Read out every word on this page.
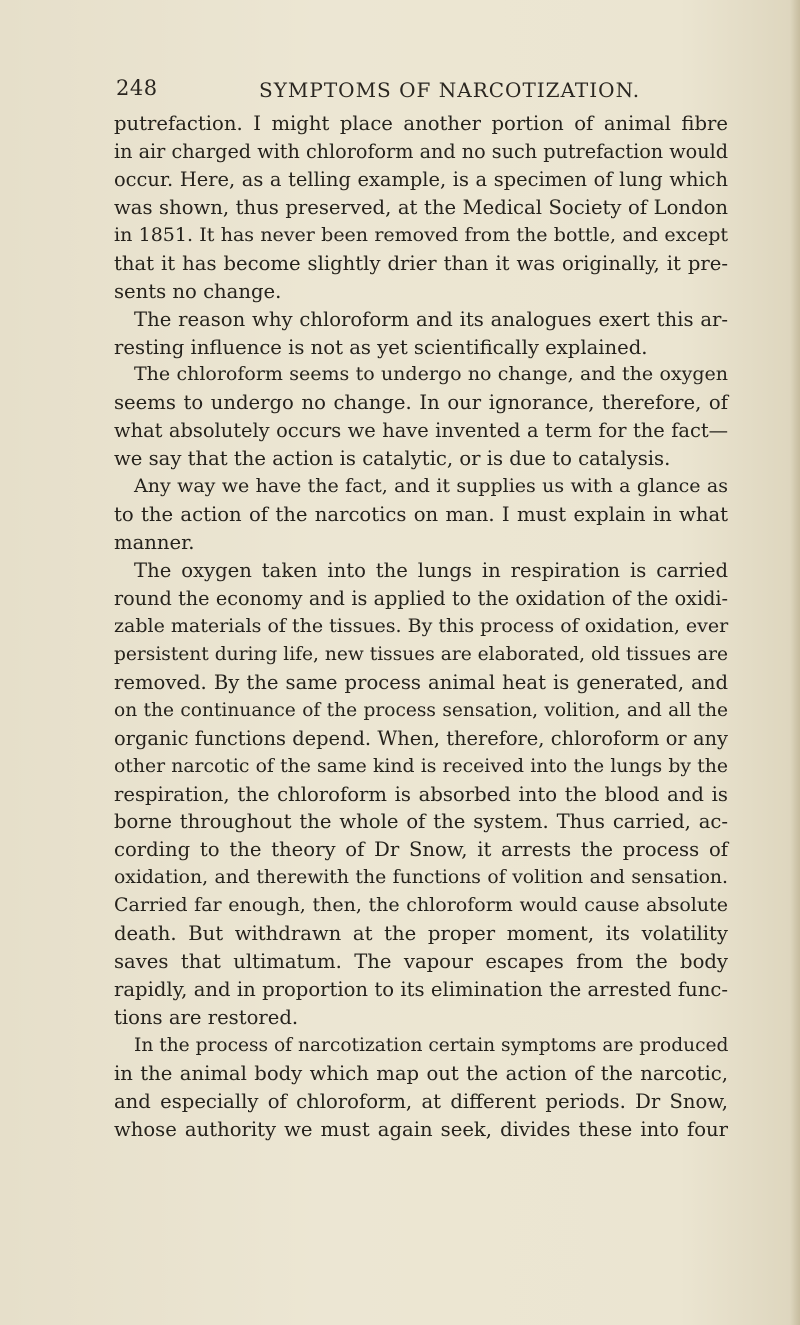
248	SYMPTOMS OF NARCOTIZATION.
putrefaction. I might place another portion of animal fibre
in air charged with chloroform and no such putrefaction would
occur. Here, as a telling example, is a specimen of lung which
was shown, thus preserved, at the Medical Society of London
in 1851. It has never been removed from the bottle, and except
that it has become slightly drier than it was originally, it pre-
sents no change.
The reason why chloroform and its analogues exert this ar-
resting influence is not as yet scientifically explained.
The chloroform seems to undergo no change, and the oxygen
seems to undergo no change. In our ignorance, therefore, of
what absolutely occurs we have invented a term for the fact—
we say that the action is catalytic, or is due to catalysis.
Any way we have the fact, and it supplies us with a glance as
to the action of the narcotics on man. I must explain in what
manner.
The oxygen taken into the lungs in respiration is carried
round the economy and is applied to the oxidation of the oxidi-
zable materials of the tissues. By this process of oxidation, ever
persistent during life, new tissues are elaborated, old tissues are
removed. By the same process animal heat is generated, and
on the continuance of the process sensation, volition, and all the
organic functions depend. When, therefore, chloroform or any
other narcotic of the same kind is received into the lungs by the
respiration, the chloroform is absorbed into the blood and is
borne throughout the whole of the system. Thus carried, ac-
cording to the theory of Dr Snow, it arrests the process of
oxidation, and therewith the functions of volition and sensation.
Carried far enough, then, the chloroform would cause absolute
death. But withdrawn at the proper moment, its volatility
saves that ultimatum. The vapour escapes from the body
rapidly, and in proportion to its elimination the arrested func-
tions are restored.
In the process of narcotization certain symptoms are produced
in the animal body which map out the action of the narcotic,
and especially of chloroform, at different periods. Dr Snow,
whose authority we must again seek, divides these into four
